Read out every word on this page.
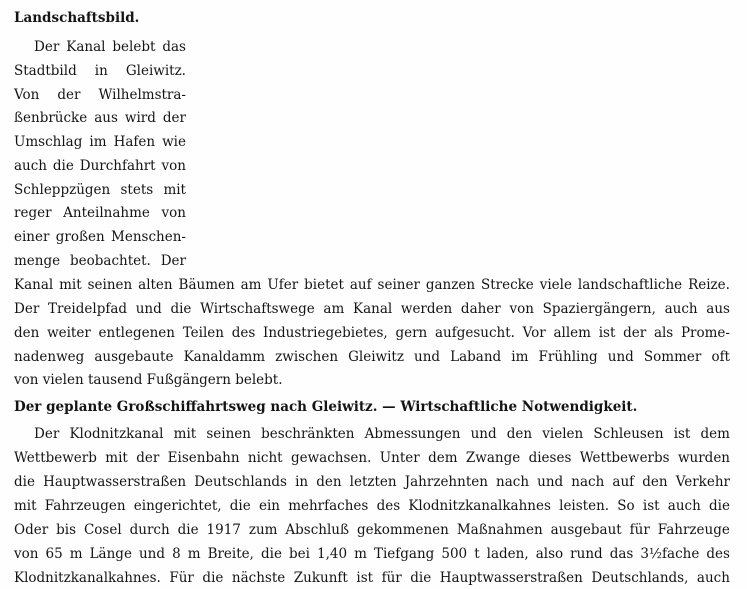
Landschaftsbild.
Der Kanal belebt das
Stadtbild in Gleiwitz.
Von der Wilhelmstra-
ßenbrücke aus wird der
Umschlag im Hafen wie
auch die Durchfahrt von
Schleppzügen stets mit
reger Anteilnahme von
einer großen Menschen-
menge beobachtet. Der
Kanal mit seinen alten Bäumen am Ufer bietet auf seiner ganzen Strecke viele landschaftliche Reize.
Der Treidelpfad und die Wirtschaftswege am Kanal werden daher von Spaziergängern, auch aus
den weiter entlegenen Teilen des Industriegebietes, gern aufgesucht. Vor allem ist der als Prome-
nadenweg ausgebaute Kanaldamm zwischen Gleiwitz und Laband im Frühling und Sommer oft
von vielen tausend Fußgängern belebt.
Der geplante Großschiffahrtsweg nach Gleiwitz. — Wirtschaftliche Notwendigkeit.
Der Klodnitzkanal mit seinen beschränkten Abmessungen und den vielen Schleusen ist dem
Wettbewerb mit der Eisenbahn nicht gewachsen. Unter dem Zwange dieses Wettbewerbs wurden
die Hauptwasserstraßen Deutschlands in den letzten Jahrzehnten nach und nach auf den Verkehr
mit Fahrzeugen eingerichtet, die ein mehrfaches des Klodnitzkanalkahnes leisten. So ist auch die
Oder bis Cosel durch die 1917 zum Abschluß gekommenen Maßnahmen ausgebaut für Fahrzeuge
von 65 m Länge und 8 m Breite, die bei 1,40 m Tiefgang 500 t laden, also rund das 3½fache des
Klodnitzkanalkahnes. Für die nächste Zukunft ist für die Hauptwasserstraßen Deutschlands, auch
